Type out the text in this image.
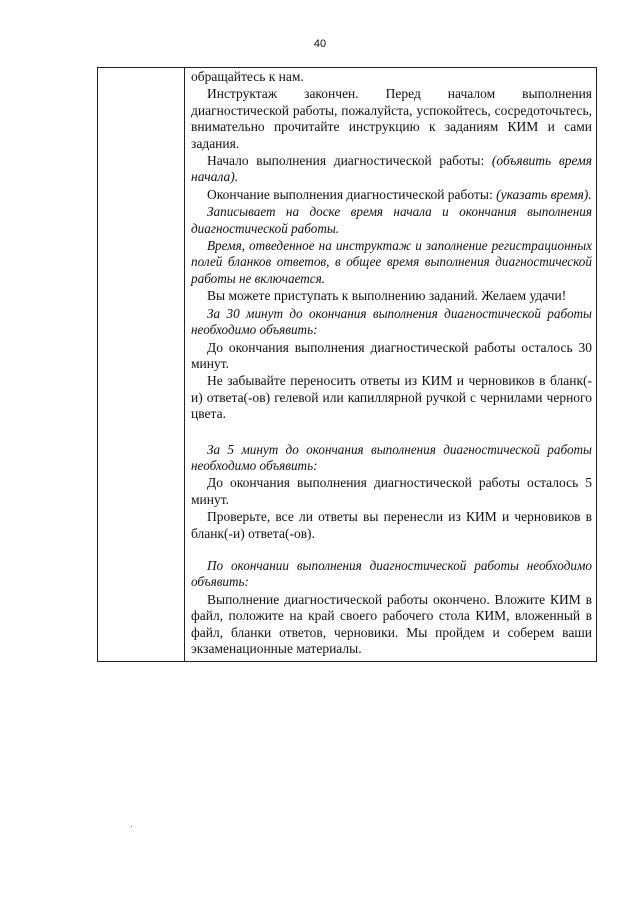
40

обращайтесь к нам.

Инструктаж закончен. Перед началом выполнения диагностической работы, пожалуйста, успокойтесь, сосредоточьтесь, внимательно прочитайте инструкцию к заданиям КИМ и сами задания.

Начало выполнения диагностической работы: (объявить время начала).

Окончание выполнения диагностической работы: (указать время).

Записывает на доске время начала и окончания выполнения диагностической работы.

Время, отведенное на инструктаж и заполнение регистрационных полей бланков ответов, в общее время выполнения диагностической работы не включается.

Вы можете приступать к выполнению заданий. Желаем удачи!

За 30 минут до окончания выполнения диагностической работы необходимо объявить:

До окончания выполнения диагностической работы осталось 30 минут.

Не забывайте переносить ответы из КИМ и черновиков в бланк(-и) ответа(-ов) гелевой или капиллярной ручкой с чернилами черного цвета.

За 5 минут до окончания выполнения диагностической работы необходимо объявить:

До окончания выполнения диагностической работы осталось 5 минут.

Проверьте, все ли ответы вы перенесли из КИМ и черновиков в бланк(-и) ответа(-ов).

По окончании выполнения диагностической работы необходимо объявить:

Выполнение диагностической работы окончено. Вложите КИМ в файл, положите на край своего рабочего стола КИМ, вложенный в файл, бланки ответов, черновики. Мы пройдем и соберем ваши экзаменационные материалы.
